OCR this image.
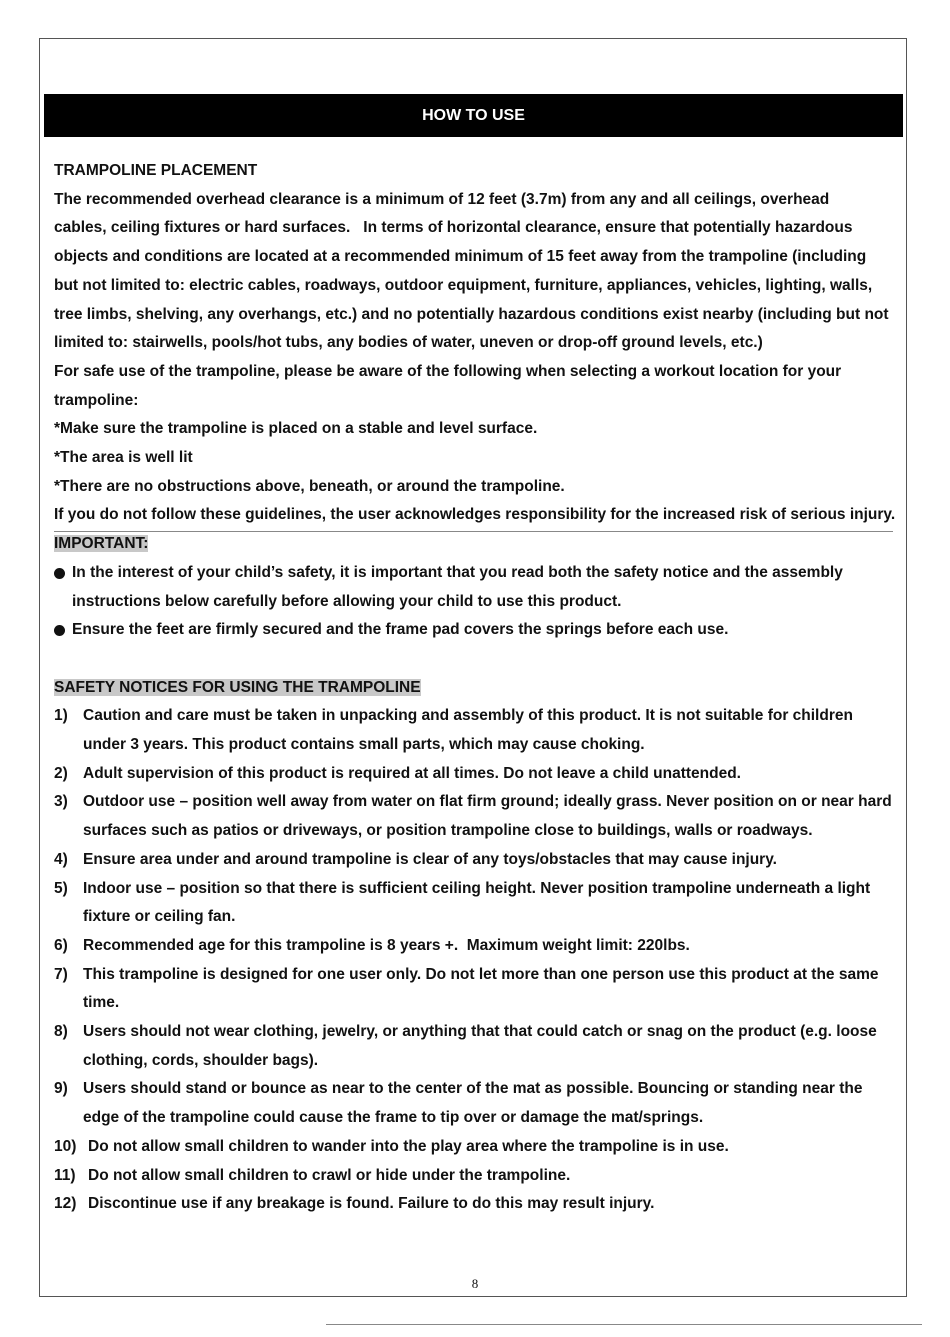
HOW TO USE

TRAMPOLINE PLACEMENT

The recommended overhead clearance is a minimum of 12 feet (3.7m) from any and all ceilings, overhead

cables, ceiling fixtures or hard surfaces.   In terms of horizontal clearance, ensure that potentially hazardous

objects and conditions are located at a recommended minimum of 15 feet away from the trampoline (including

but not limited to: electric cables, roadways, outdoor equipment, furniture, appliances, vehicles, lighting, walls,

tree limbs, shelving, any overhangs, etc.) and no potentially hazardous conditions exist nearby (including but not

limited to: stairwells, pools/hot tubs, any bodies of water, uneven or drop-off ground levels, etc.)

For safe use of the trampoline, please be aware of the following when selecting a workout location for your

trampoline:

*Make sure the trampoline is placed on a stable and level surface.

*The area is well lit

*There are no obstructions above, beneath, or around the trampoline.

If you do not follow these guidelines, the user acknowledges responsibility for the increased risk of serious injury.

IMPORTANT:

In the interest of your child’s safety, it is important that you read both the safety notice and the assembly

instructions below carefully before allowing your child to use this product.

Ensure the feet are firmly secured and the frame pad covers the springs before each use.

SAFETY NOTICES FOR USING THE TRAMPOLINE

1) Caution and care must be taken in unpacking and assembly of this product. It is not suitable for children

under 3 years. This product contains small parts, which may cause choking.

2) Adult supervision of this product is required at all times. Do not leave a child unattended.

3) Outdoor use – position well away from water on flat firm ground; ideally grass. Never position on or near hard

surfaces such as patios or driveways, or position trampoline close to buildings, walls or roadways.

4) Ensure area under and around trampoline is clear of any toys/obstacles that may cause injury.

5) Indoor use – position so that there is sufficient ceiling height. Never position trampoline underneath a light

fixture or ceiling fan.

6) Recommended age for this trampoline is 8 years +.  Maximum weight limit: 220lbs.

7) This trampoline is designed for one user only. Do not let more than one person use this product at the same

time.

8) Users should not wear clothing, jewelry, or anything that that could catch or snag on the product (e.g. loose

clothing, cords, shoulder bags).

9) Users should stand or bounce as near to the center of the mat as possible. Bouncing or standing near the

edge of the trampoline could cause the frame to tip over or damage the mat/springs.

10) Do not allow small children to wander into the play area where the trampoline is in use.

11) Do not allow small children to crawl or hide under the trampoline.

12) Discontinue use if any breakage is found. Failure to do this may result injury.

8
